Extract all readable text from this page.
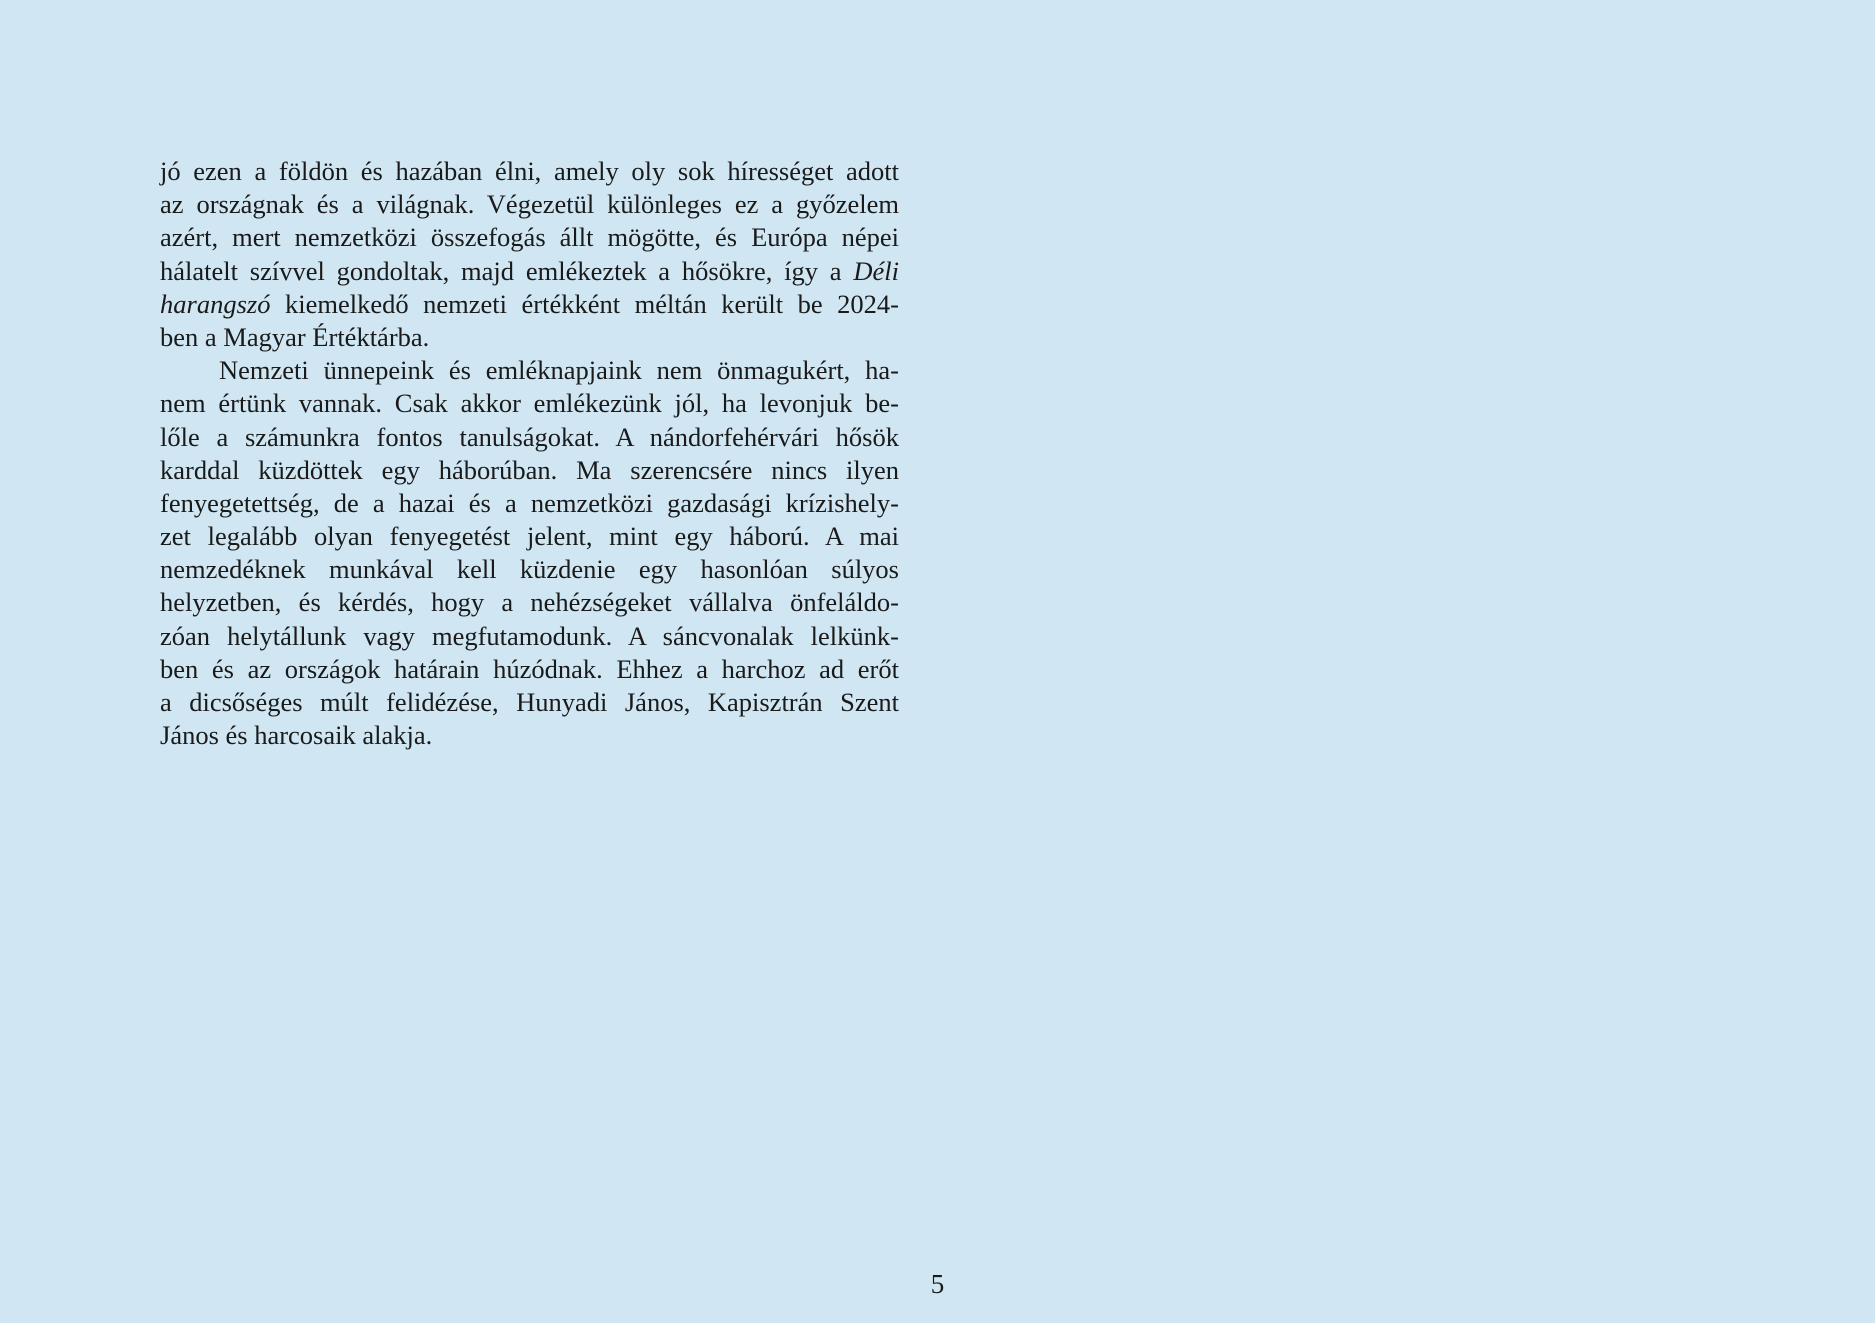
jó ezen a földön és hazában élni, amely oly sok hírességet adott
az országnak és a világnak. Végezetül különleges ez a győzelem
azért, mert nemzetközi összefogás állt mögötte, és Európa népei
hálatelt szívvel gondoltak, majd emlékeztek a hősökre, így a Déli
harangszó kiemelkedő nemzeti értékként méltán került be 2024-
ben a Magyar Értéktárba.
Nemzeti ünnepeink és emléknapjaink nem önmagukért, ha-
nem értünk vannak. Csak akkor emlékezünk jól, ha levonjuk be-
lőle a számunkra fontos tanulságokat. A nándorfehérvári hősök
karddal küzdöttek egy háborúban. Ma szerencsére nincs ilyen
fenyegetettség, de a hazai és a nemzetközi gazdasági krízishely-
zet legalább olyan fenyegetést jelent, mint egy háború. A mai
nemzedéknek munkával kell küzdenie egy hasonlóan súlyos
helyzetben, és kérdés, hogy a nehézségeket vállalva önfeláldo-
zóan helytállunk vagy megfutamodunk. A sáncvonalak lelkünk-
ben és az országok határain húzódnak. Ehhez a harchoz ad erőt
a dicsőséges múlt felidézése, Hunyadi János, Kapisztrán Szent
János és harcosaik alakja.
5
